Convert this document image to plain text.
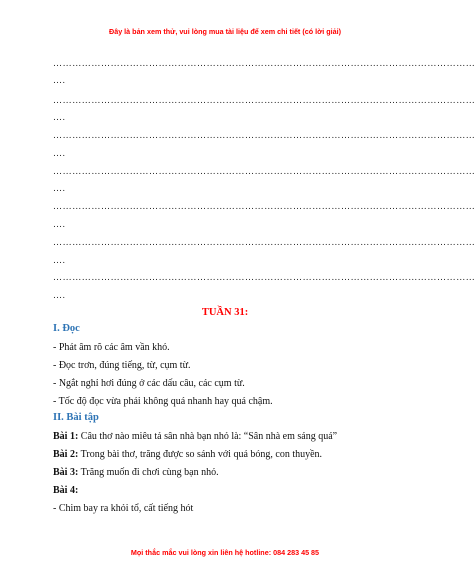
Đây là bản xem thử, vui lòng mua tài liệu để xem chi tiết (có lời giải)
……………………………………………………………………………………………………………………
….
……………………………………………………………………………………………………………………
….
……………………………………………………………………………………………………………………
….
……………………………………………………………………………………………………………………
….
……………………………………………………………………………………………………………………
….
……………………………………………………………………………………………………………………
….
……………………………………………………………………………………………………………………
….
TUẦN 31:
I. Đọc
- Phát âm rõ các âm vần khó.
- Đọc trơn, đúng tiếng, từ, cụm từ.
- Ngắt nghỉ hơi đúng ở các dấu câu, các cụm từ.
- Tốc độ đọc vừa phải không quá nhanh hay quá chậm.
II. Bài tập
Bài 1: Câu thơ nào miêu tả sân nhà bạn nhỏ là: “Sân nhà em sáng quá”
Bài 2: Trong bài thơ, trăng được so sánh với quả bóng, con thuyền.
Bài 3: Trăng muốn đi chơi cùng bạn nhỏ.
Bài 4:
- Chim bay ra khỏi tổ, cất tiếng hót
Mọi thắc mắc vui lòng xin liên hệ hotline: 084 283 45 85
